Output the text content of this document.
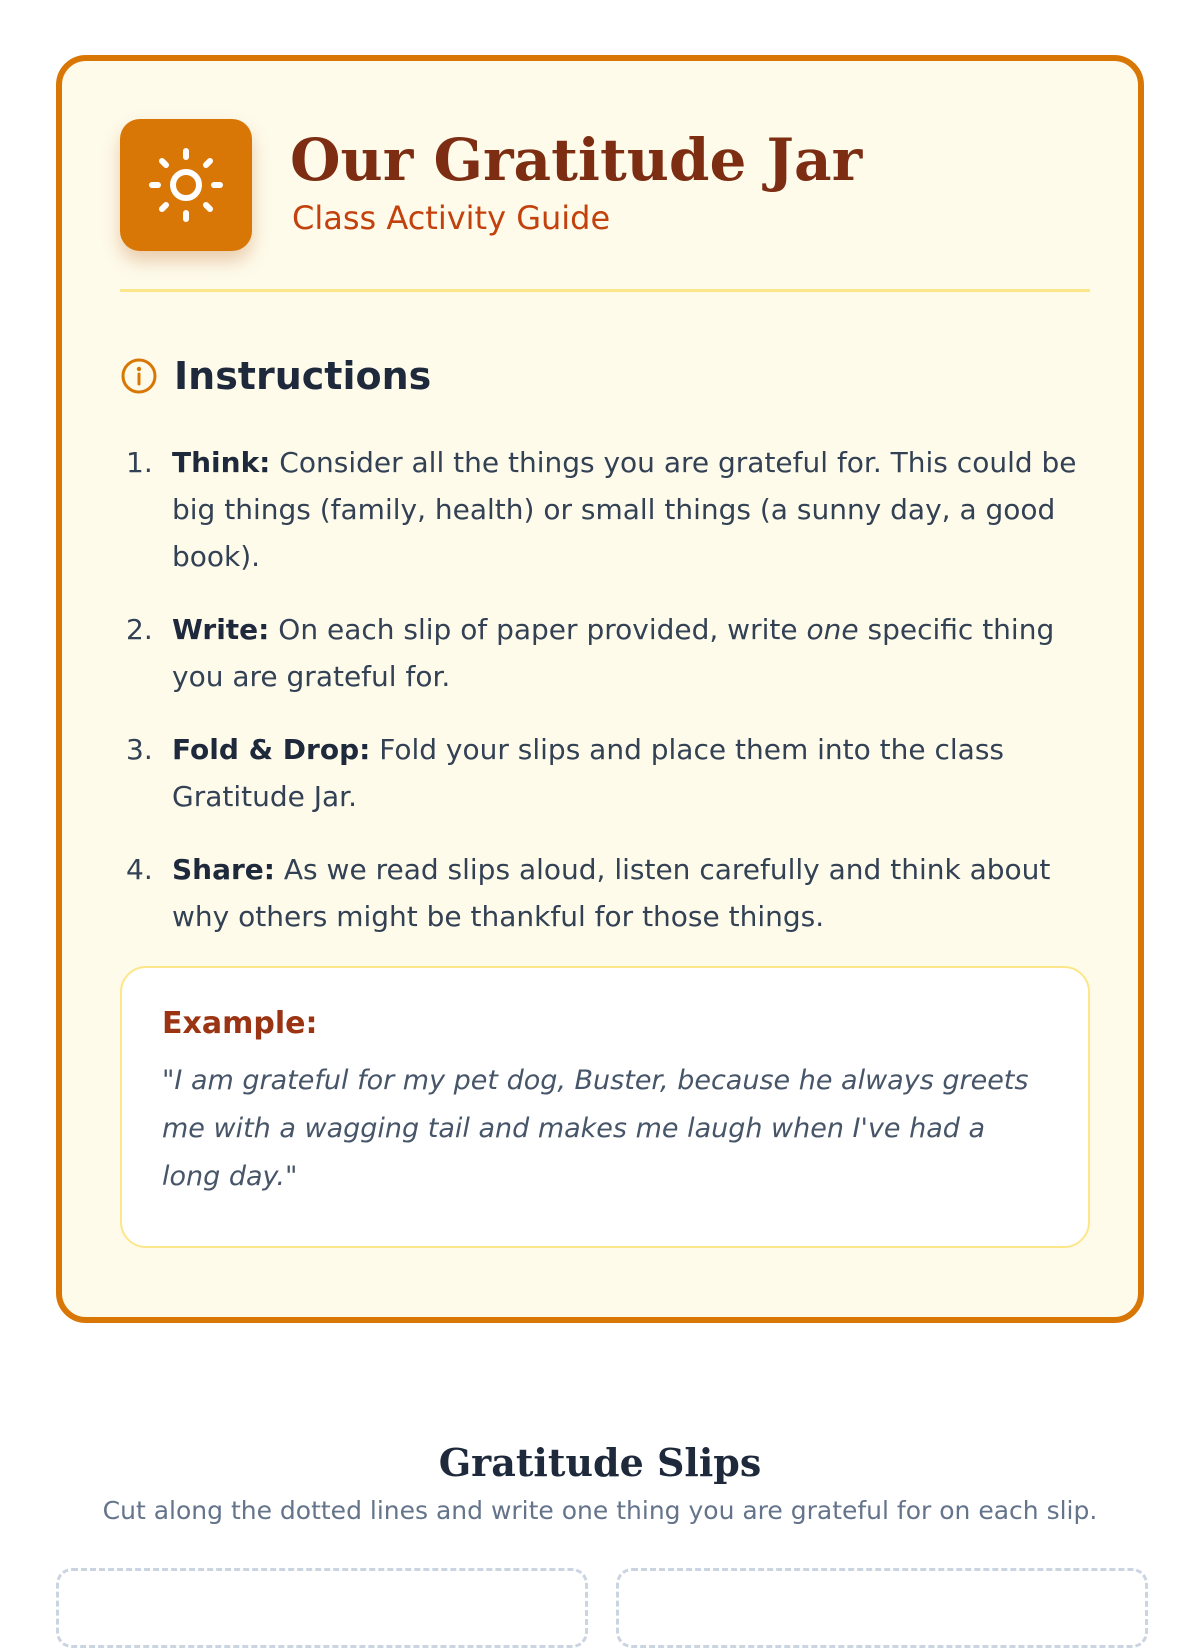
Our Gratitude Jar

Class Activity Guide

Instructions
1. Think: Consider all the things you are grateful for. This could be big things (family, health) or small things (a sunny day, a good book).
2. Write: On each slip of paper provided, write one specific thing you are grateful for.
3. Fold & Drop: Fold your slips and place them into the class Gratitude Jar.
4. Share: As we read slips aloud, listen carefully and think about why others might be thankful for those things.

Example:

"I am grateful for my pet dog, Buster, because he always greets me with a wagging tail and makes me laugh when I've had a long day."

Gratitude Slips

Cut along the dotted lines and write one thing you are grateful for on each slip.
